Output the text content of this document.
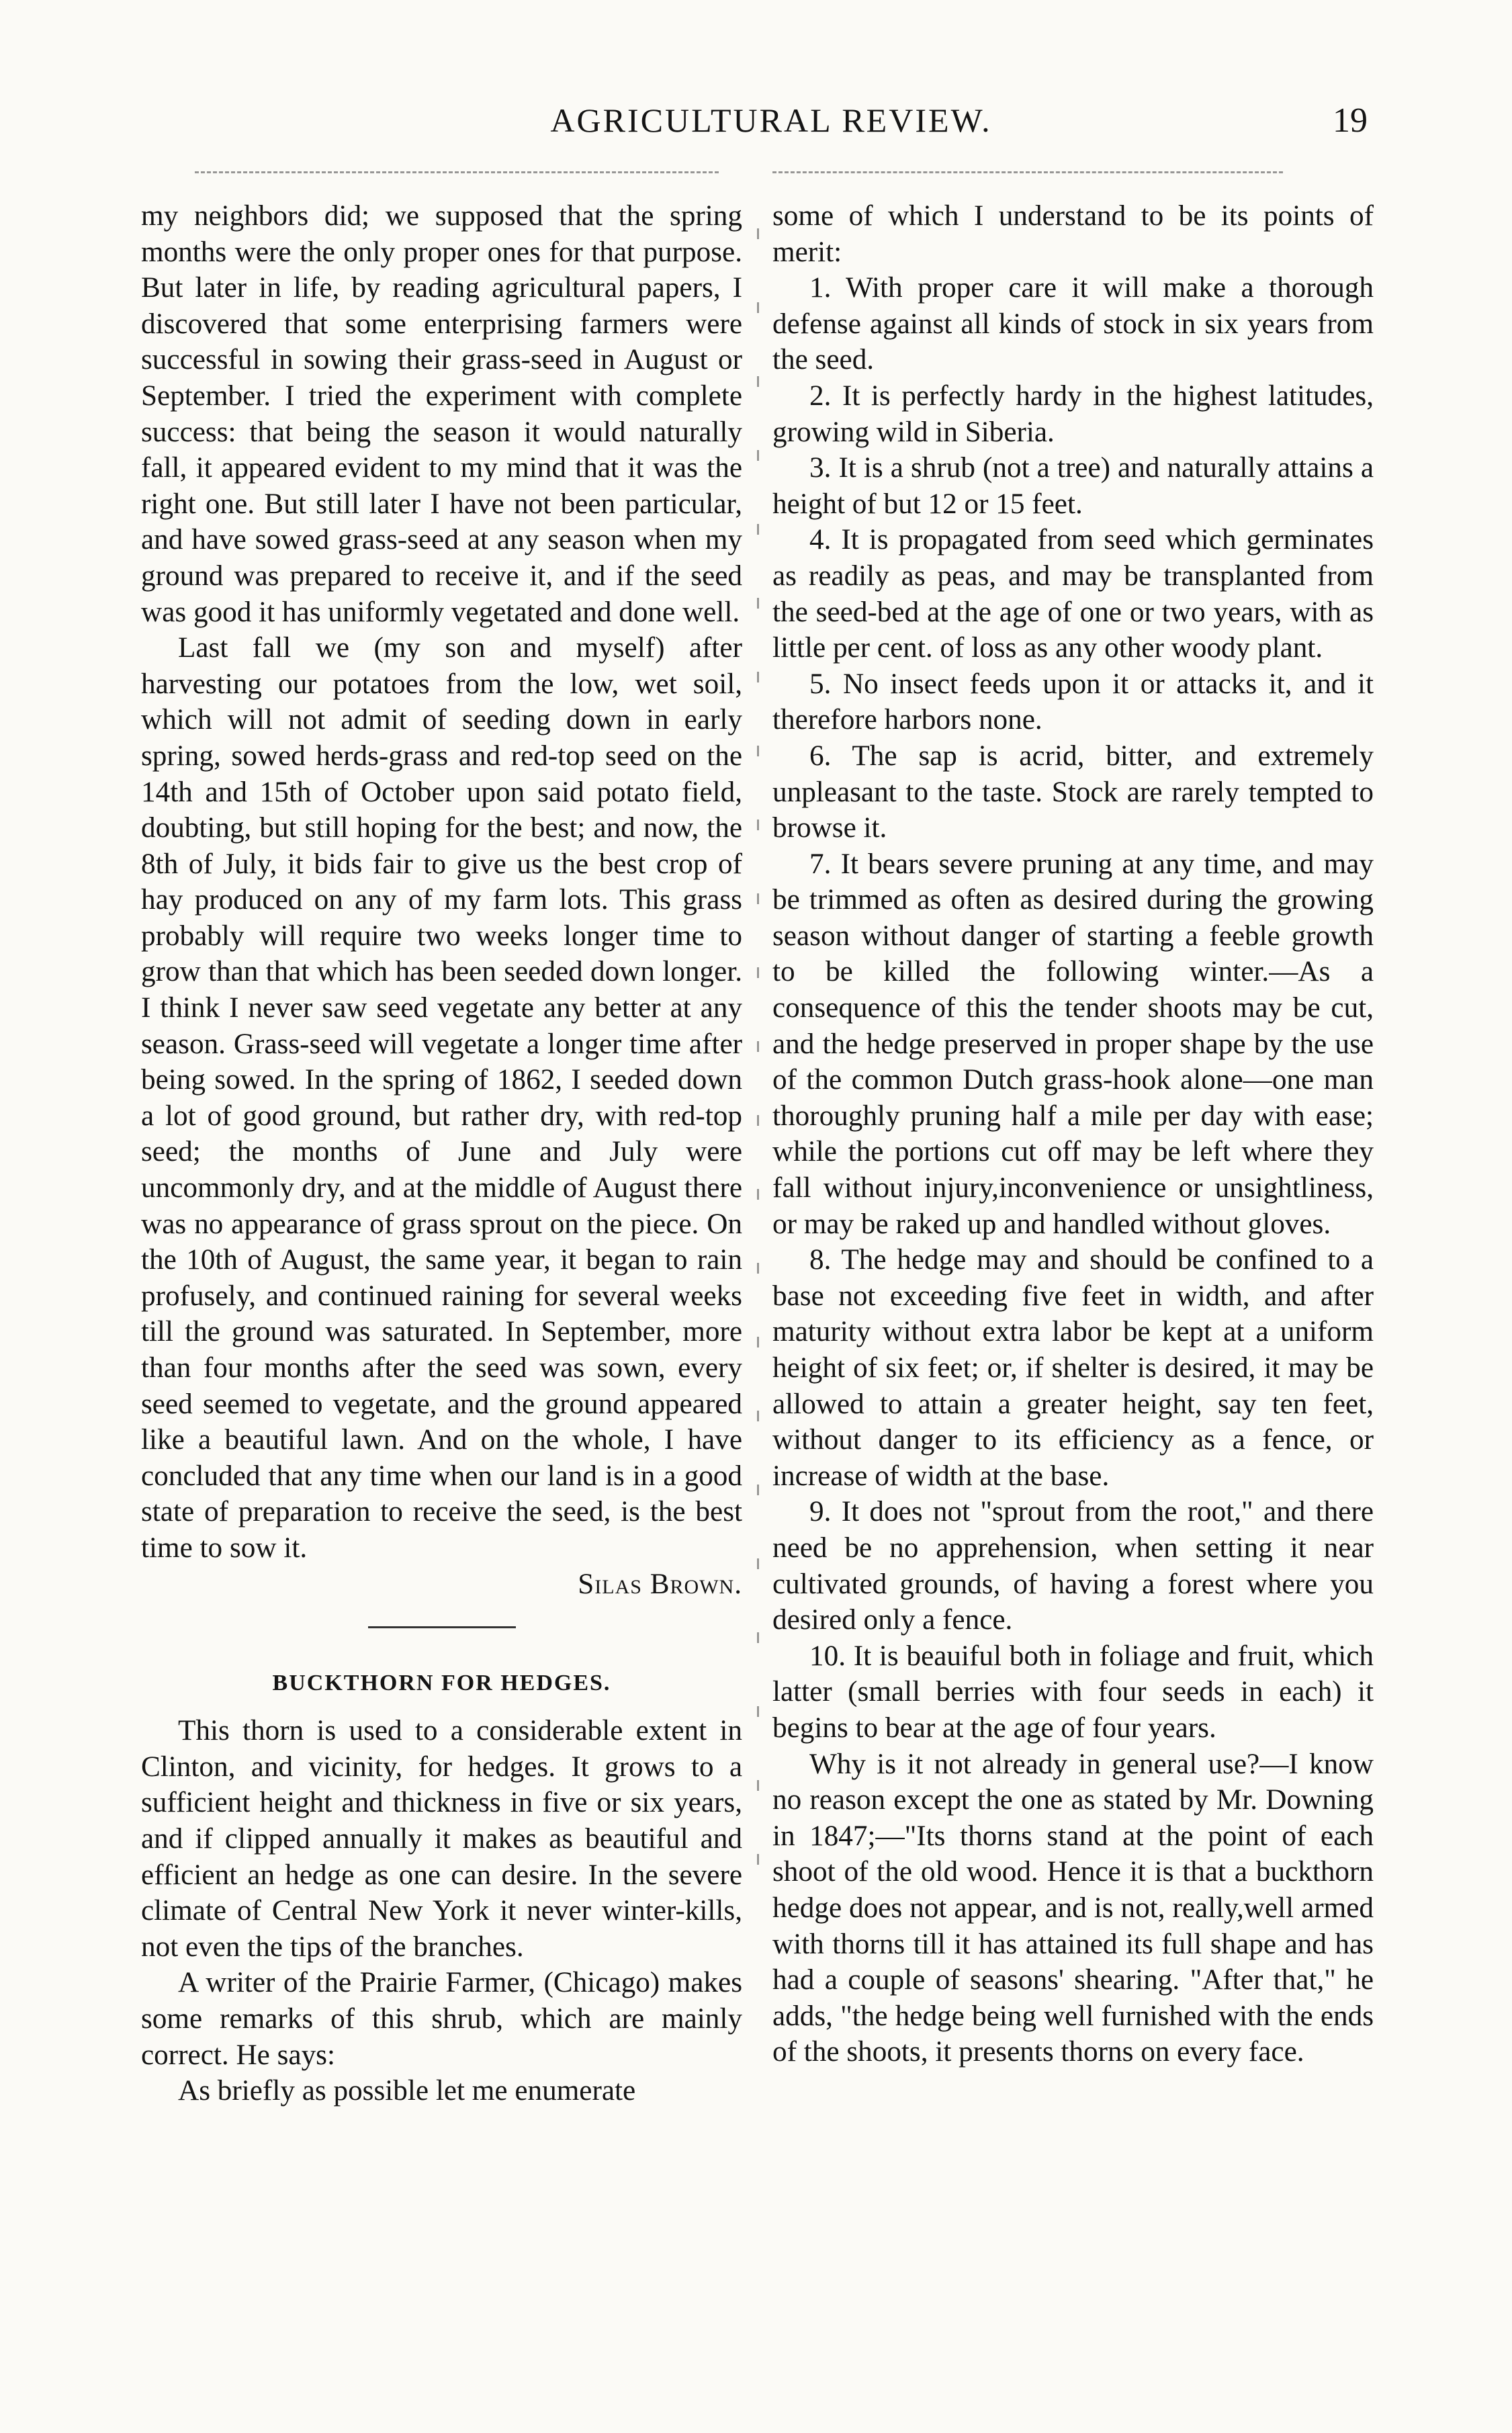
AGRICULTURAL REVIEW.	19

my neighbors did; we supposed that the spring months were the only proper ones for that purpose. But later in life, by reading agricultural papers, I discovered that some enterprising farmers were successful in sowing their grass-seed in August or September. I tried the experiment with complete success: that being the season it would naturally fall, it appeared evident to my mind that it was the right one. But still later I have not been particular, and have sowed grass-seed at any season when my ground was prepared to receive it, and if the seed was good it has uniformly vegetated and done well.

Last fall we (my son and myself) after harvesting our potatoes from the low, wet soil, which will not admit of seeding down in early spring, sowed herds-grass and red-top seed on the 14th and 15th of October upon said potato field, doubting, but still hoping for the best; and now, the 8th of July, it bids fair to give us the best crop of hay produced on any of my farm lots. This grass probably will require two weeks longer time to grow than that which has been seeded down longer. I think I never saw seed vegetate any better at any season. Grass-seed will vegetate a longer time after being sowed. In the spring of 1862, I seeded down a lot of good ground, but rather dry, with red-top seed; the months of June and July were uncommonly dry, and at the middle of August there was no appearance of grass sprout on the piece. On the 10th of August, the same year, it began to rain profusely, and continued raining for several weeks till the ground was saturated. In September, more than four months after the seed was sown, every seed seemed to vegetate, and the ground appeared like a beautiful lawn. And on the whole, I have concluded that any time when our land is in a good state of preparation to receive the seed, is the best time to sow it.

Silas Brown.

BUCKTHORN FOR HEDGES.

This thorn is used to a considerable extent in Clinton, and vicinity, for hedges. It grows to a sufficient height and thickness in five or six years, and if clipped annually it makes as beautiful and efficient an hedge as one can desire. In the severe climate of Central New York it never winter-kills, not even the tips of the branches.

A writer of the Prairie Farmer, (Chicago) makes some remarks of this shrub, which are mainly correct. He says:

As briefly as possible let me enumerate

some of which I understand to be its points of merit:

1. With proper care it will make a thorough defense against all kinds of stock in six years from the seed.

2. It is perfectly hardy in the highest latitudes, growing wild in Siberia.

3. It is a shrub (not a tree) and naturally attains a height of but 12 or 15 feet.

4. It is propagated from seed which germinates as readily as peas, and may be transplanted from the seed-bed at the age of one or two years, with as little per cent. of loss as any other woody plant.

5. No insect feeds upon it or attacks it, and it therefore harbors none.

6. The sap is acrid, bitter, and extremely unpleasant to the taste. Stock are rarely tempted to browse it.

7. It bears severe pruning at any time, and may be trimmed as often as desired during the growing season without danger of starting a feeble growth to be killed the following winter.—As a consequence of this the tender shoots may be cut, and the hedge preserved in proper shape by the use of the common Dutch grass-hook alone—one man thoroughly pruning half a mile per day with ease; while the portions cut off may be left where they fall without injury,inconvenience or unsightliness, or may be raked up and handled without gloves.

8. The hedge may and should be confined to a base not exceeding five feet in width, and after maturity without extra labor be kept at a uniform height of six feet; or, if shelter is desired, it may be allowed to attain a greater height, say ten feet, without danger to its efficiency as a fence, or increase of width at the base.

9. It does not "sprout from the root," and there need be no apprehension, when setting it near cultivated grounds, of having a forest where you desired only a fence.

10. It is beauiful both in foliage and fruit, which latter (small berries with four seeds in each) it begins to bear at the age of four years.

Why is it not already in general use?—I know no reason except the one as stated by Mr. Downing in 1847;—"Its thorns stand at the point of each shoot of the old wood. Hence it is that a buckthorn hedge does not appear, and is not, really,well armed with thorns till it has attained its full shape and has had a couple of seasons' shearing. "After that," he adds, "the hedge being well furnished with the ends of the shoots, it presents thorns on every face.
